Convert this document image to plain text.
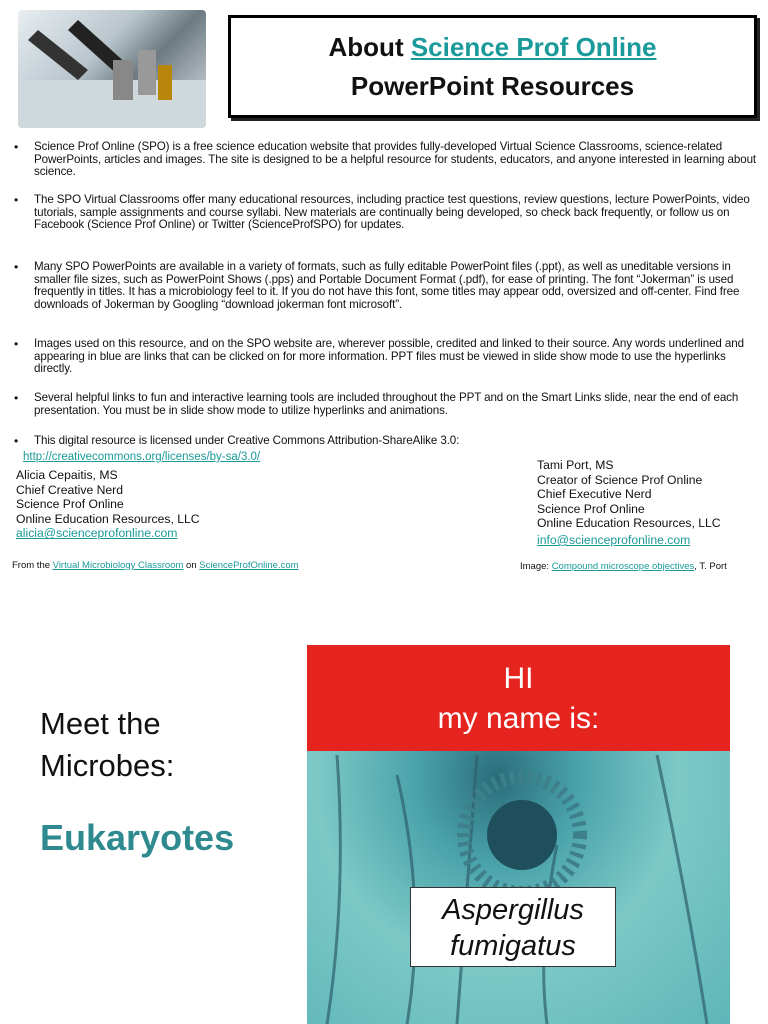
About Science Prof Online
PowerPoint Resources
• Science Prof Online (SPO) is a free science education website that provides fully-developed Virtual Science Classrooms, science-related PowerPoints, articles and images. The site is designed to be a helpful resource for students, educators, and anyone interested in learning about science.
• The SPO Virtual Classrooms offer many educational resources, including practice test questions, review questions, lecture PowerPoints, video tutorials, sample assignments and course syllabi. New materials are continually being developed, so check back frequently, or follow us on Facebook (Science Prof Online) or Twitter (ScienceProfSPO) for updates.
• Many SPO PowerPoints are available in a variety of formats, such as fully editable PowerPoint files (.ppt), as well as uneditable versions in smaller file sizes, such as PowerPoint Shows (.pps) and Portable Document Format (.pdf), for ease of printing. The font “Jokerman” is used frequently in titles. It has a microbiology feel to it. If you do not have this font, some titles may appear odd, oversized and off-center. Find free downloads of Jokerman by Googling “download jokerman font microsoft”.
• Images used on this resource, and on the SPO website are, wherever possible, credited and linked to their source. Any words underlined and appearing in blue are links that can be clicked on for more information. PPT files must be viewed in slide show mode to use the hyperlinks directly.
• Several helpful links to fun and interactive learning tools are included throughout the PPT and on the Smart Links slide, near the end of each presentation. You must be in slide show mode to utilize hyperlinks and animations.
• This digital resource is licensed under Creative Commons Attribution-ShareAlike 3.0:
http://creativecommons.org/licenses/by-sa/3.0/
Alicia Cepaitis, MS
Chief Creative Nerd
Science Prof Online
Online Education Resources, LLC
alicia@scienceprofonline.com
Tami Port, MS
Creator of Science Prof Online
Chief Executive Nerd
Science Prof Online
Online Education Resources, LLC
info@scienceprofonline.com
From the Virtual Microbiology Classroom on ScienceProfOnline.com	Image: Compound microscope objectives, T. Port
Meet the
Microbes:
Eukaryotes
HI
my name is:
Aspergillus
fumigatus
